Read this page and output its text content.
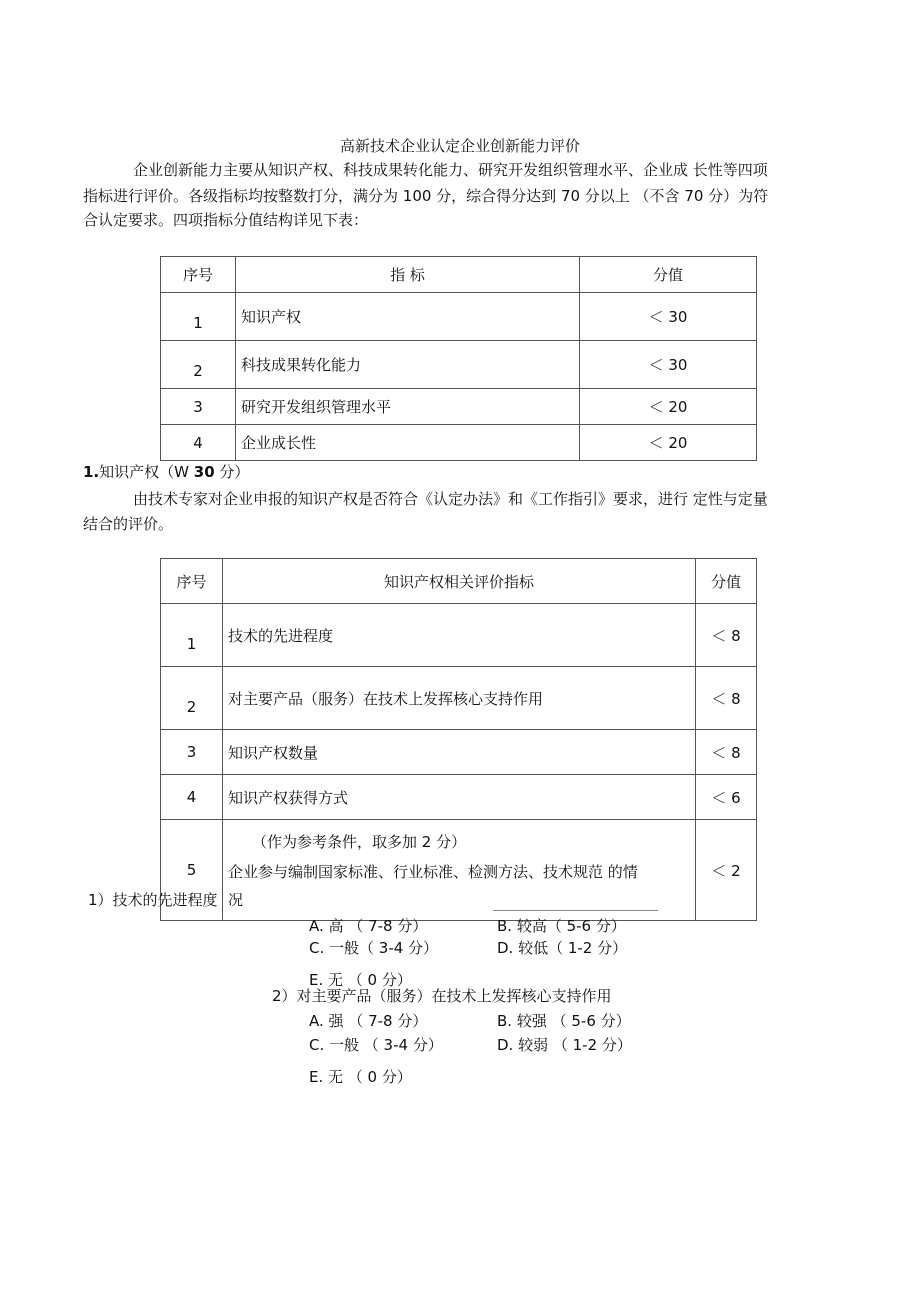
高新技术企业认定企业创新能力评价
企业创新能力主要从知识产权、科技成果转化能力、研究开发组织管理水平、企业成 长性等四项
指标进行评价。各级指标均按整数打分，满分为 100 分，综合得分达到 70 分以上 （不含 70 分）为符
合认定要求。四项指标分值结构详见下表：
序号	指 标	分值
1	知识产权	＜ 30
2	科技成果转化能力	＜ 30
3	研究开发组织管理水平	＜ 20
4	企业成长性	＜ 20
1.知识产权（W 30 分）
由技术专家对企业申报的知识产权是否符合《认定办法》和《工作指引》要求，进行 定性与定量
结合的评价。
序号	知识产权相关评价指标	分值
1	技术的先进程度	＜ 8
2	对主要产品（服务）在技术上发挥核心支持作用	＜ 8
3	知识产权数量	＜ 8
4	知识产权获得方式	＜ 6
5	（作为参考条件，取多加 2 分）
企业参与编制国家标准、行业标准、检测方法、技术规范 的情
况	＜ 2
1）技术的先进程度
A. 高 （ 7-8 分）	B. 较高（ 5-6 分）
C. 一般（ 3-4 分）	D. 较低（ 1-2 分）
E. 无 （ 0 分）
2）对主要产品（服务）在技术上发挥核心支持作用
A. 强 （ 7-8 分）	B. 较强 （ 5-6 分）
C. 一般 （ 3-4 分）	D. 较弱 （ 1-2 分）
E. 无 （ 0 分）
